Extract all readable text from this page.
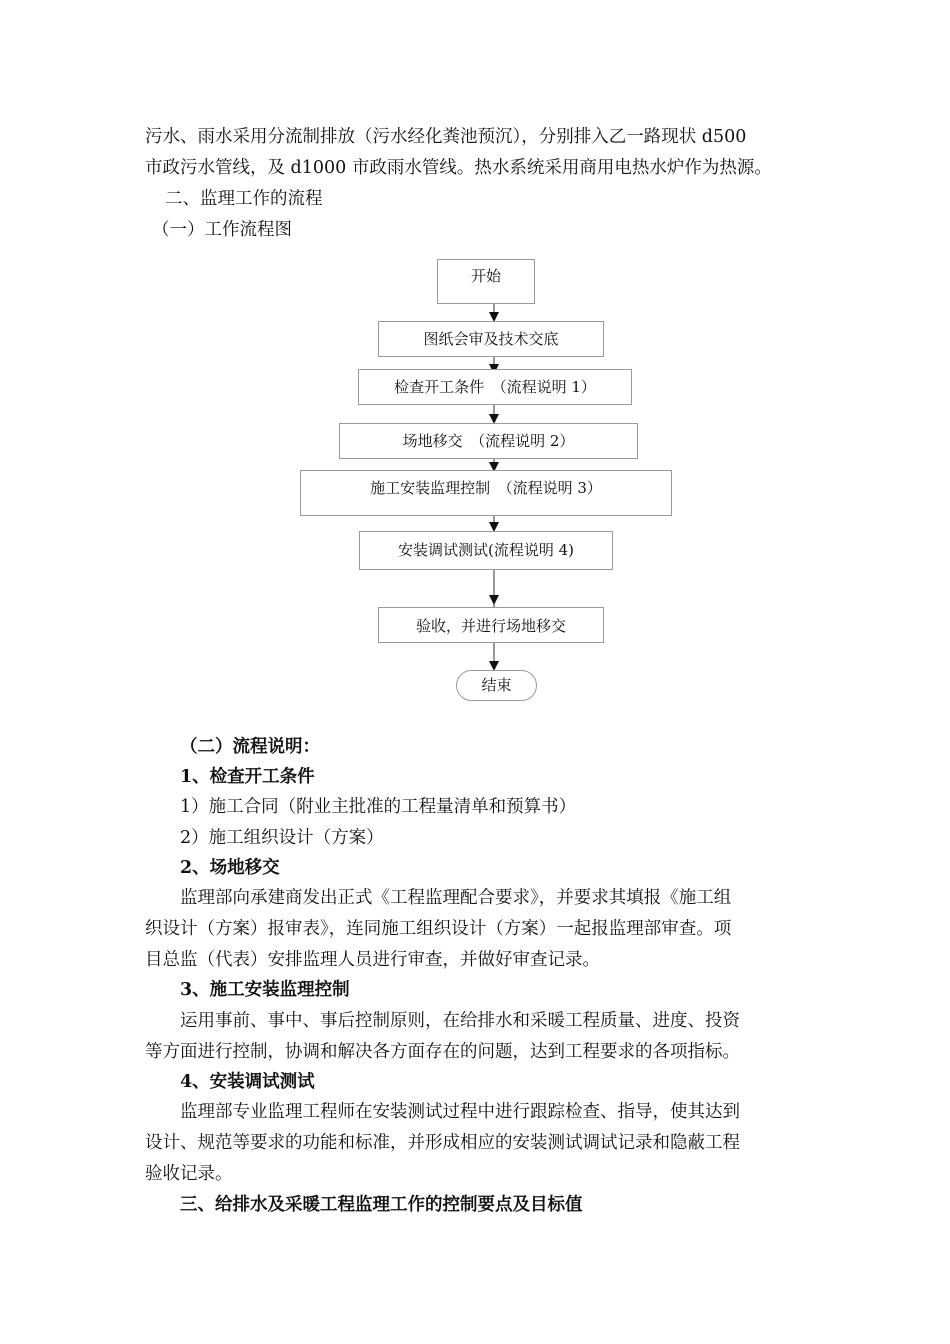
污水、雨水采用分流制排放（污水经化粪池预沉），分别排入乙一路现状 d500
市政污水管线，及 d1000 市政雨水管线。热水系统采用商用电热水炉作为热源。
二、监理工作的流程
（一）工作流程图
开始
图纸会审及技术交底
检查开工条件　（流程说明 1）
场地移交　（流程说明 2）
施工安装监理控制　（流程说明 3）
安装调试测试(流程说明 4)
验收，并进行场地移交
结束
（二）流程说明：
1、检查开工条件
1）施工合同（附业主批准的工程量清单和预算书）
2）施工组织设计（方案）
2、场地移交
监理部向承建商发出正式《工程监理配合要求》，并要求其填报《施工组
织设计（方案）报审表》，连同施工组织设计（方案）一起报监理部审查。项
目总监（代表）安排监理人员进行审查，并做好审查记录。
3、施工安装监理控制
运用事前、事中、事后控制原则，在给排水和采暖工程质量、进度、投资
等方面进行控制，协调和解决各方面存在的问题，达到工程要求的各项指标。
4、安装调试测试
监理部专业监理工程师在安装测试过程中进行跟踪检查、指导，使其达到
设计、规范等要求的功能和标准，并形成相应的安装测试调试记录和隐蔽工程
验收记录。
三、给排水及采暖工程监理工作的控制要点及目标值
